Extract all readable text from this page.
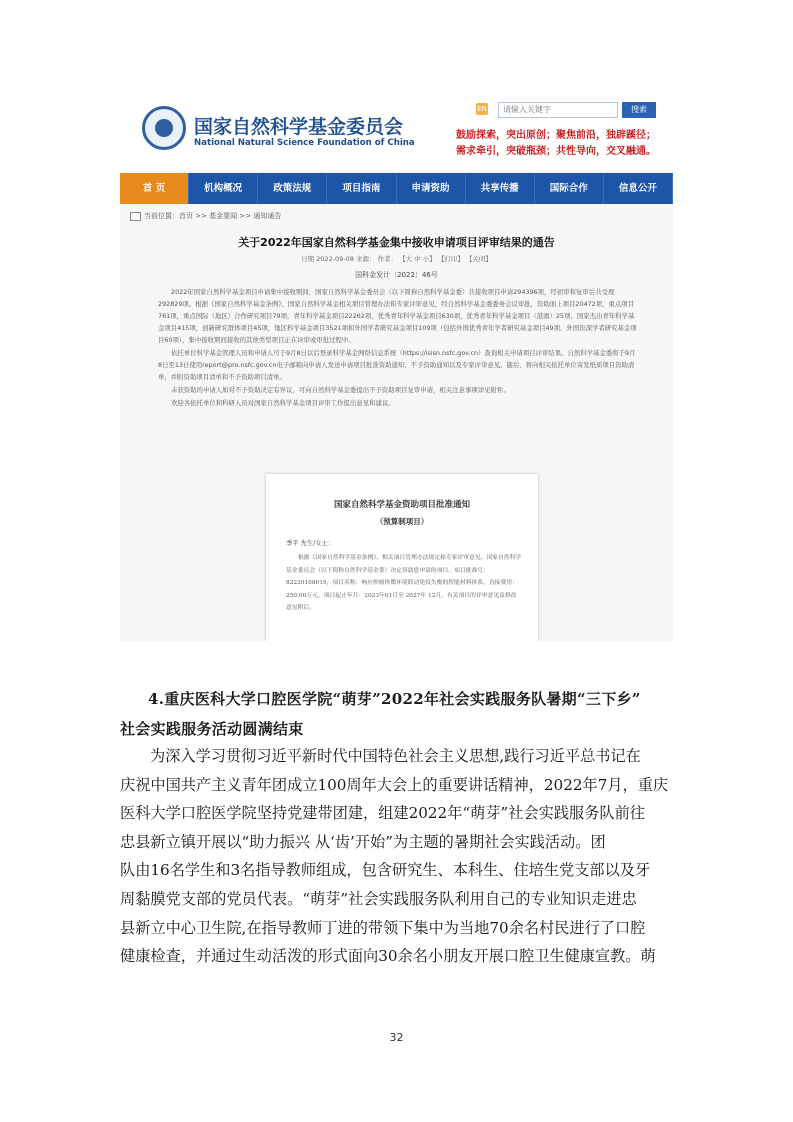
国家自然科学基金委员会
National Natural Science Foundation of China
EN	请输入关键字	搜索
鼓励探索，突出原创；聚焦前沿，独辟蹊径；
需求牵引，突破瓶颈；共性导向，交叉融通。
首 页	机构概况	政策法规	项目指南	申请资助	共享传播	国际合作	信息公开
当前位置：首页 >> 基金要闻 >> 通知通告
关于2022年国家自然科学基金集中接收申请项目评审结果的通告
日期 2022-09-08 来源： 作者： 【大 中 小】 【打印】 【关闭】
国科金发计〔2022〕46号

2022年国家自然科学基金项目申请集中接收期间，国家自然科学基金委员会（以下简称自然科学基金委）共接收项目申请294396项，经初审和复审后共受理292829项。根据《国家自然科学基金条例》、国家自然科学基金相关项目管理办法和专家评审意见，经自然科学基金委委务会议审批，资助面上项目20472项，重点项目761项，重点国际（地区）合作研究项目79项，青年科学基金项目22262项，优秀青年科学基金项目630项，优秀青年科学基金项目（港澳）25项，国家杰出青年科学基金项目415项，创新研究群体项目45项，地区科学基金项目3521项和外国学者研究基金项目109项（包括外国优秀青年学者研究基金项目49项、外国资深学者研究基金项目60项），集中接收期间接收的其他类型项目正在评审或审批过程中。

依托单位科学基金管理人员和申请人可于9月8日以后登录科学基金网络信息系统（https://isisn.nsfc.gov.cn）查询相关申请项目评审结果。自然科学基金委将于9月8日至13日使用report@pro.nsfc.gov.cn电子邮箱向申请人发送申请项目批准资助通知、不予资助通知以及专家评审意见。随后，将向相关依托单位寄发纸质项目资助清单，并附资助项目清单和不予资助项目清单。

未获资助的申请人如对不予资助决定有异议，可向自然科学基金委提出不予资助项目复审申请，相关注意事项详见附件。

欢迎各依托单位和科研人员对国家自然科学基金项目评审工作提出意见和建议。

国家自然科学基金资助项目批准通知
（预算制项目）
季平 先生/女士：
根据《国家自然科学基金条例》、相关项目管理办法规定和专家评审意见，国家自然科学基金委员会（以下简称自然科学基金委）决定资助您申请的项目。项目批准号：82220108019，项目名称：响应肿瘤体微环境联动免疫失衡的智能材料体系，直接费用：250.00万元，项目起止年月：2023年01月至 2027年 12月，有关项目的评审意见及修改意见附后。
4.重庆医科大学口腔医学院“萌芽”2022年社会实践服务队暑期“三下乡”
社会实践服务活动圆满结束
为深入学习贯彻习近平新时代中国特色社会主义思想,践行习近平总书记在
庆祝中国共产主义青年团成立100周年大会上的重要讲话精神，2022年7月，重庆
医科大学口腔医学院坚持党建带团建，组建2022年“萌芽”社会实践服务队前往
忠县新立镇开展以“助力振兴 从‘齿’开始”为主题的暑期社会实践活动。团
队由16名学生和3名指导教师组成，包含研究生、本科生、住培生党支部以及牙
周黏膜党支部的党员代表。“萌芽”社会实践服务队利用自己的专业知识走进忠
县新立中心卫生院,在指导教师丁进的带领下集中为当地70余名村民进行了口腔
健康检查，并通过生动活泼的形式面向30余名小朋友开展口腔卫生健康宣教。萌
32
